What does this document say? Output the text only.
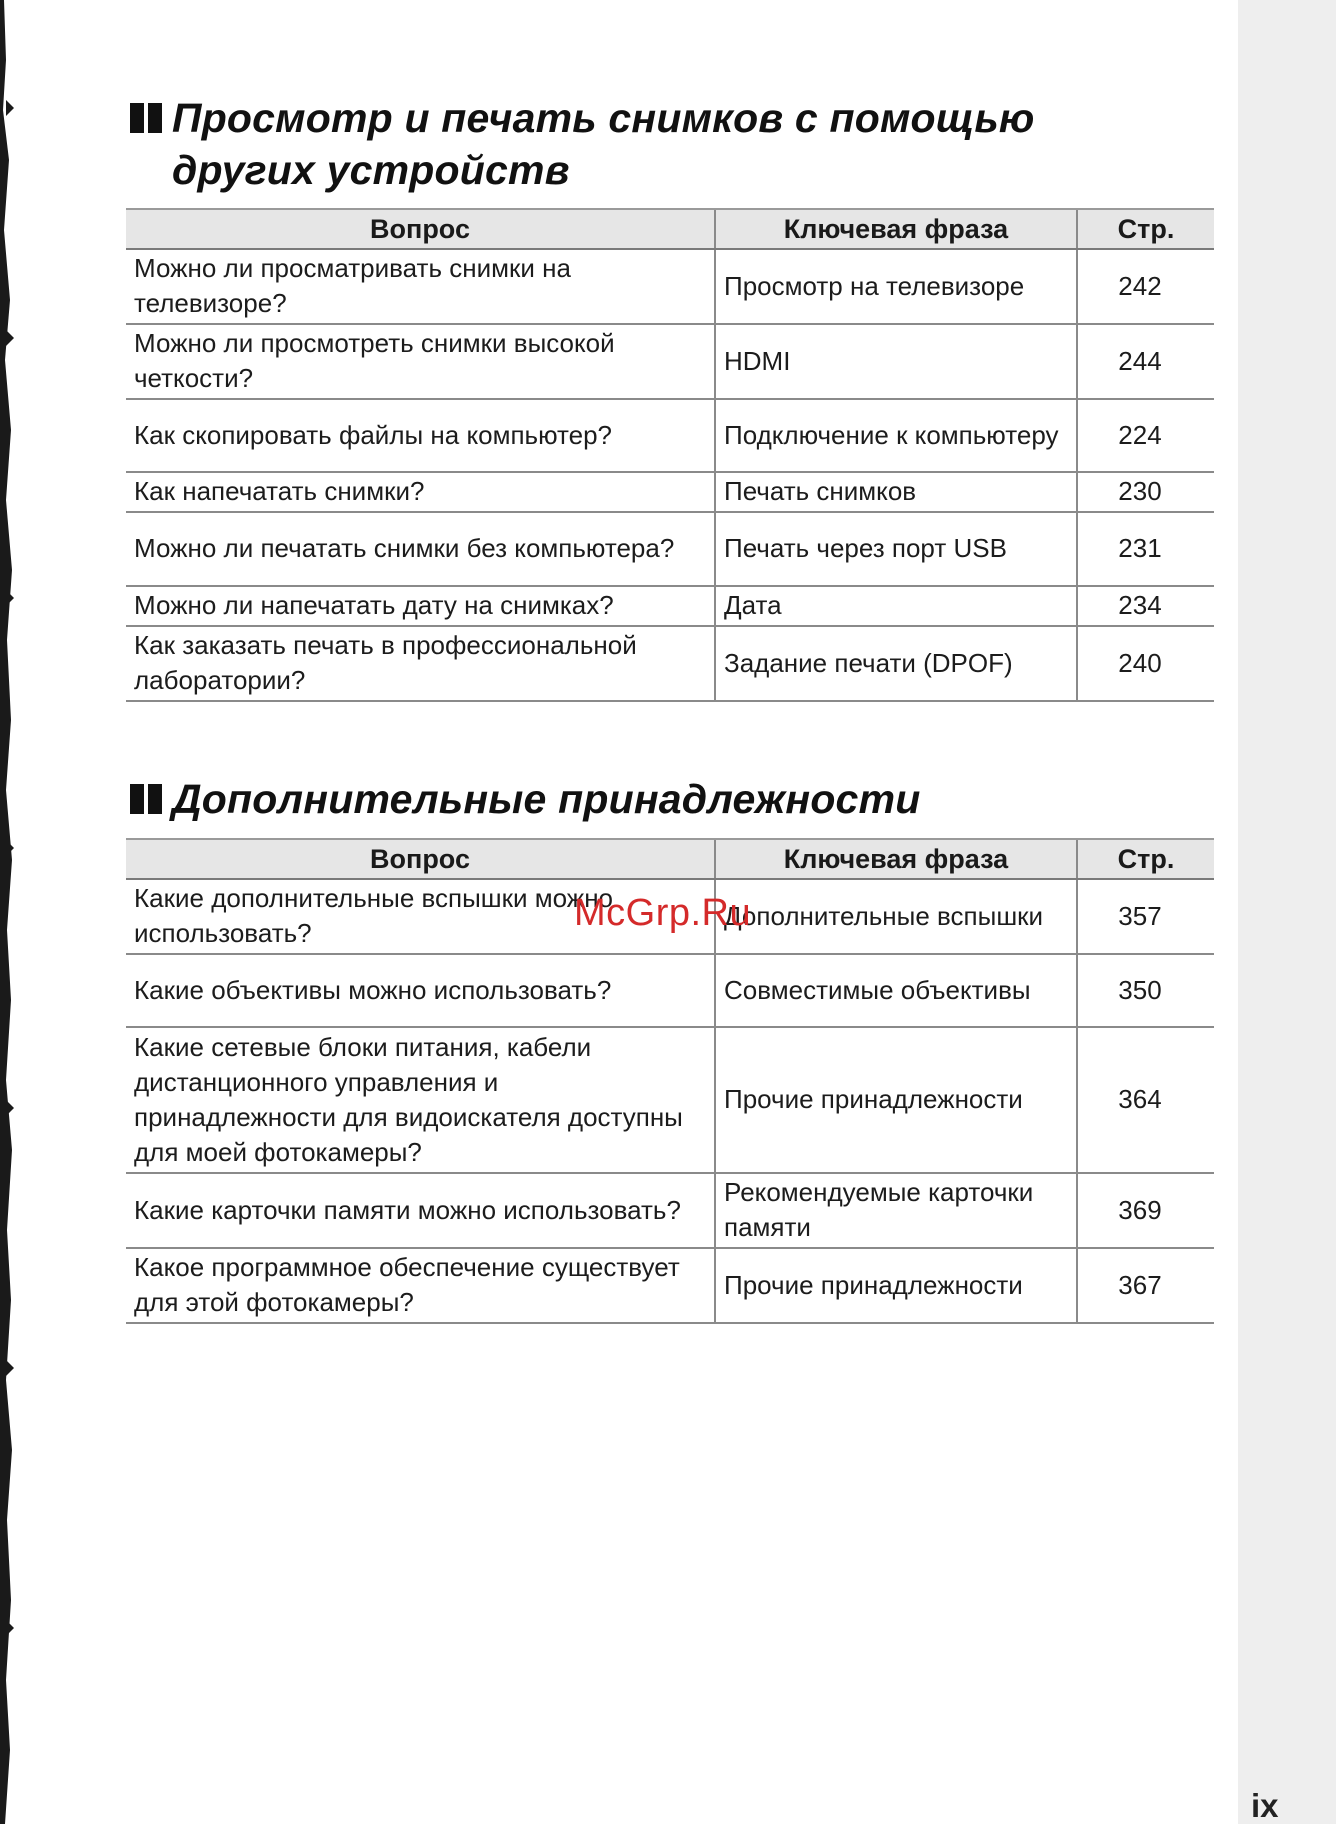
Просмотр и печать снимков с помощью
других устройств
Вопрос	Ключевая фраза	Стр.
Можно ли просматривать снимки на телевизоре?	Просмотр на телевизоре	242
Можно ли просмотреть снимки высокой четкости?	HDMI	244
Как скопировать файлы на компьютер?	Подключение к компьютеру	224
Как напечатать снимки?	Печать снимков	230
Можно ли печатать снимки без компьютера?	Печать через порт USB	231
Можно ли напечатать дату на снимках?	Дата	234
Как заказать печать в профессиональной лаборатории?	Задание печати (DPOF)	240
Дополнительные принадлежности
Вопрос	Ключевая фраза	Стр.
Какие дополнительные вспышки можно использовать?	Дополнительные вспышки	357
Какие объективы можно использовать?	Совместимые объективы	350
Какие сетевые блоки питания, кабели дистанционного управления и принадлежности для видоискателя доступны для моей фотокамеры?	Прочие принадлежности	364
Какие карточки памяти можно использовать?	Рекомендуемые карточки памяти	369
Какое программное обеспечение существует для этой фотокамеры?	Прочие принадлежности	367
McGrp.Ru

ix
